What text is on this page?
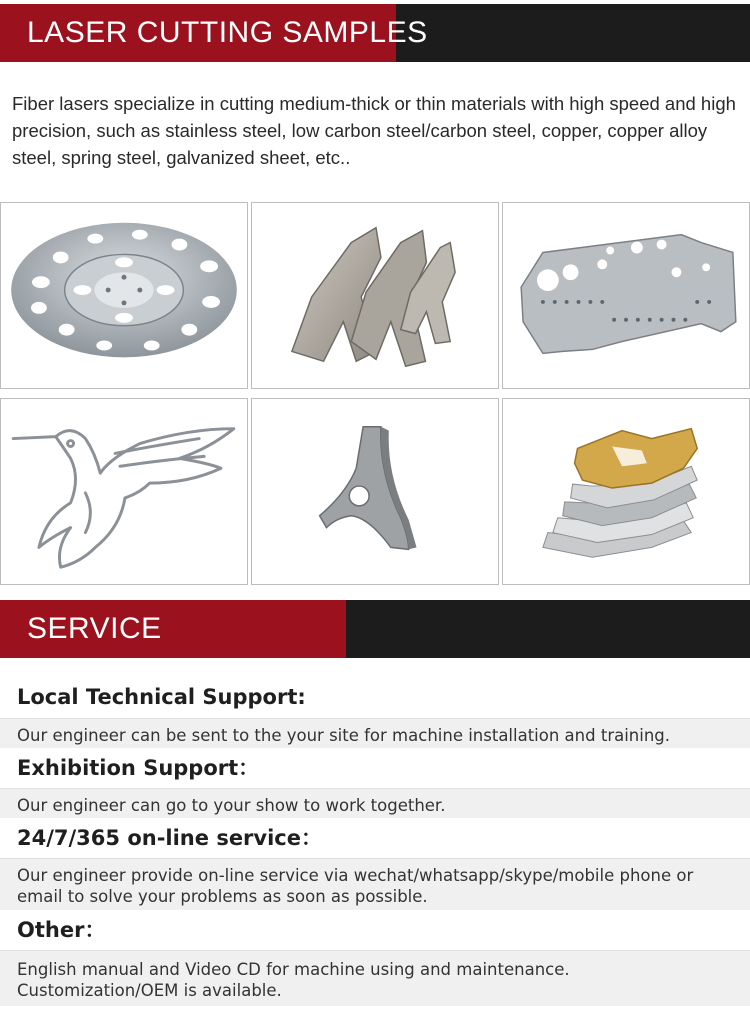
LASER CUTTING SAMPLES

Fiber lasers specialize in cutting medium-thick or thin materials with high speed and high precision, such as stainless steel, low carbon steel/carbon steel, copper, copper alloy steel, spring steel, galvanized sheet, etc..

SERVICE
Local Technical Support:
Our engineer can be sent to the your site for machine installation and training.
Exhibition Support：
Our engineer can go to your show to work together.
24/7/365 on-line service：
Our engineer provide on-line service via wechat/whatsapp/skype/mobile phone or email to solve your problems as soon as possible.
Other：
English manual and Video CD for machine using and maintenance.
Customization/OEM is available.
